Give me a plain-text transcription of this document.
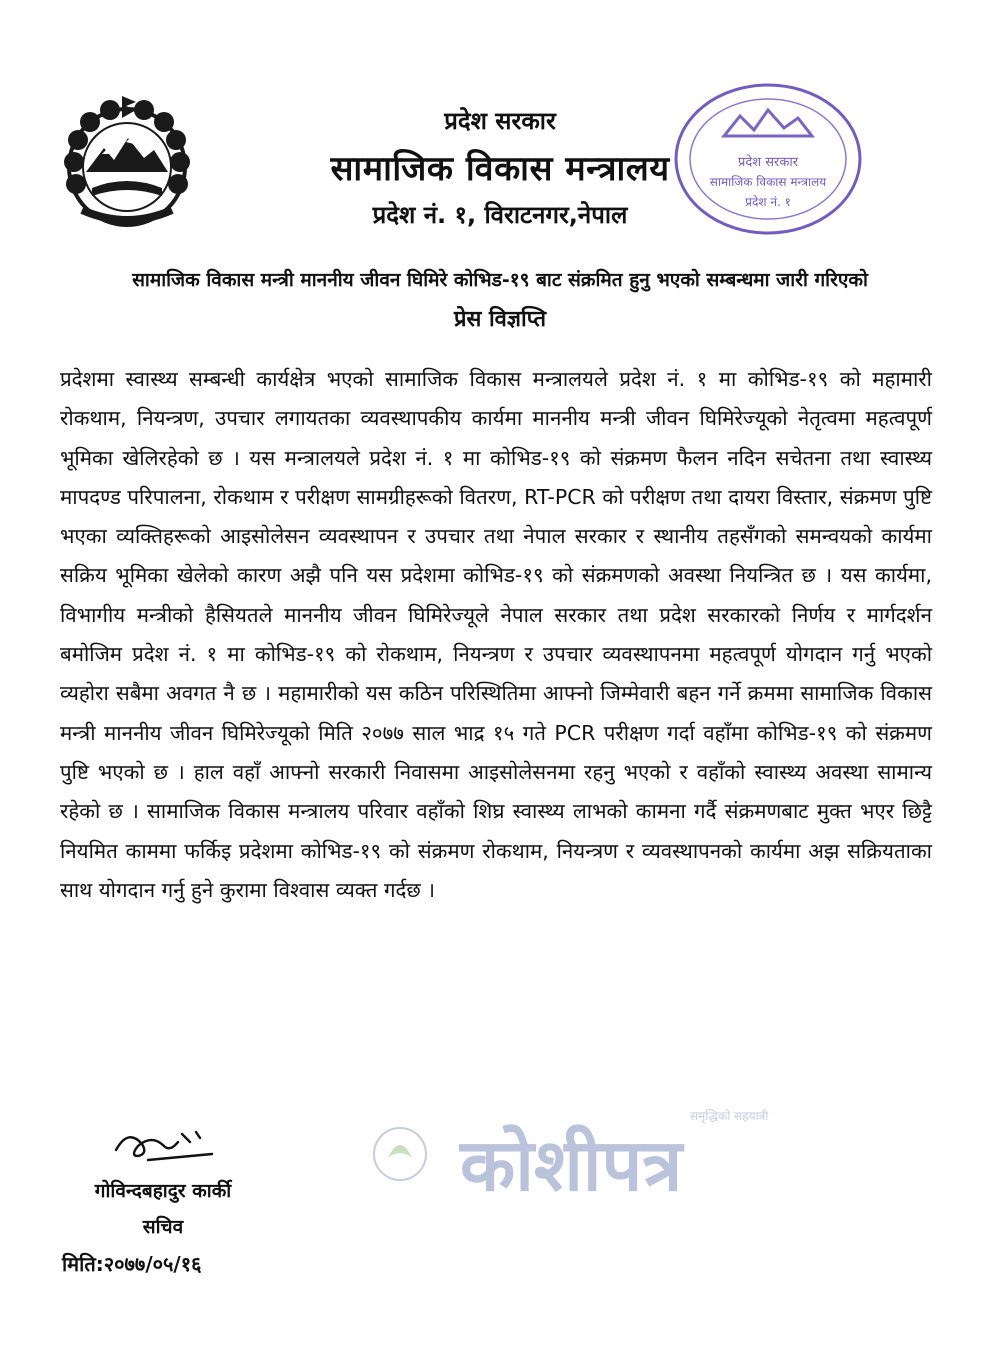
प्रदेश सरकार
सामाजिक विकास मन्त्रालय
प्रदेश नं. १, विराटनगर,नेपाल
प्रदेश सरकार
सामाजिक विकास मन्त्रालय
प्रदेश नं. १
सामाजिक विकास मन्त्री माननीय जीवन घिमिरे कोभिड-१९ बाट संक्रमित हुनु भएको सम्बन्धमा जारी गरिएको
प्रेस विज्ञप्ति
प्रदेशमा स्वास्थ्य सम्बन्धी कार्यक्षेत्र भएको सामाजिक विकास मन्त्रालयले प्रदेश नं. १ मा कोभिड-१९ को महामारी रोकथाम, नियन्त्रण, उपचार लगायतका व्यवस्थापकीय कार्यमा माननीय मन्त्री जीवन घिमिरेज्यूको नेतृत्वमा महत्वपूर्ण भूमिका खेलिरहेको छ । यस मन्त्रालयले प्रदेश नं. १ मा कोभिड-१९ को संक्रमण फैलन नदिन सचेतना तथा स्वास्थ्य मापदण्ड परिपालना, रोकथाम र परीक्षण सामग्रीहरूको वितरण, RT-PCR को परीक्षण तथा दायरा विस्तार, संक्रमण पुष्टि भएका व्यक्तिहरूको आइसोलेसन व्यवस्थापन र उपचार तथा नेपाल सरकार र स्थानीय तहसँगको समन्वयको कार्यमा सक्रिय भूमिका खेलेको कारण अझै पनि यस प्रदेशमा कोभिड-१९ को संक्रमणको अवस्था नियन्त्रित छ । यस कार्यमा, विभागीय मन्त्रीको हैसियतले माननीय जीवन घिमिरेज्यूले नेपाल सरकार तथा प्रदेश सरकारको निर्णय र मार्गदर्शन बमोजिम प्रदेश नं. १ मा कोभिड-१९ को रोकथाम, नियन्त्रण र उपचार व्यवस्थापनमा महत्वपूर्ण योगदान गर्नु भएको व्यहोरा सबैमा अवगत नै छ । महामारीको यस कठिन परिस्थितिमा आफ्नो जिम्मेवारी बहन गर्ने क्रममा सामाजिक विकास मन्त्री माननीय जीवन घिमिरेज्यूको मिति २०७७ साल भाद्र १५ गते PCR परीक्षण गर्दा वहाँमा कोभिड-१९ को संक्रमण पुष्टि भएको छ । हाल वहाँ आफ्नो सरकारी निवासमा आइसोलेसनमा रहनु भएको र वहाँको स्वास्थ्य अवस्था सामान्य रहेको छ । सामाजिक विकास मन्त्रालय परिवार वहाँको शिघ्र स्वास्थ्य लाभको कामना गर्दै संक्रमणबाट मुक्त भएर छिट्टै नियमित काममा फर्किइ प्रदेशमा कोभिड-१९ को संक्रमण रोकथाम, नियन्त्रण र व्यवस्थापनको कार्यमा अझ सक्रियताका साथ योगदान गर्नु हुने कुरामा विश्वास व्यक्त गर्दछ ।
कोशीपत्र
समृद्धिको सहयात्री
गोविन्दबहादुर कार्की
सचिव
मिति:२०७७/०५/१६
